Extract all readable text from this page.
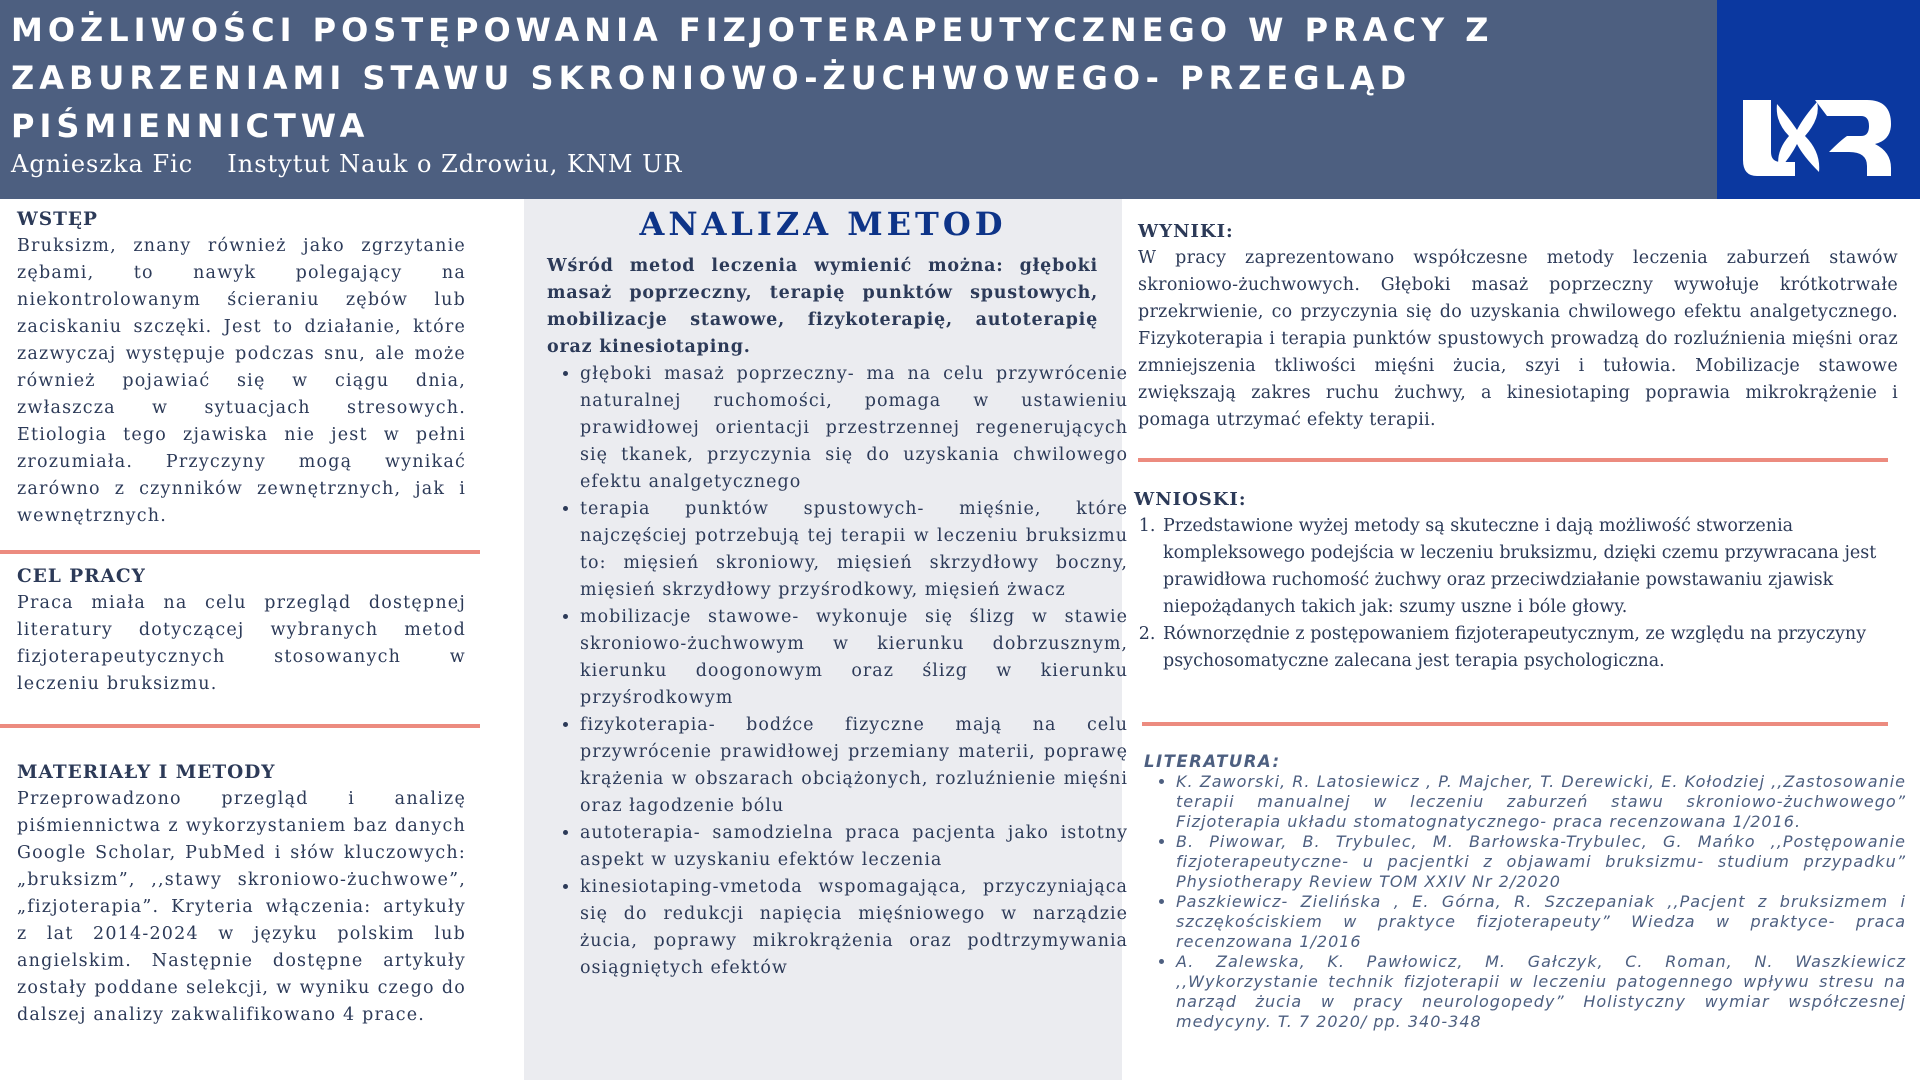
MOŻLIWOŚCI POSTĘPOWANIA FIZJOTERAPEUTYCZNEGO W PRACY Z ZABURZENIAMI STAWU SKRONIOWO-ŻUCHWOWEGO- PRZEGLĄD PIŚMIENNICTWA
Agnieszka Fic Instytut Nauk o Zdrowiu, KNM UR
WSTĘP

Bruksizm, znany również jako zgrzytanie zębami, to nawyk polegający na niekontrolowanym ścieraniu zębów lub zaciskaniu szczęki. Jest to działanie, które zazwyczaj występuje podczas snu, ale może również pojawiać się w ciągu dnia, zwłaszcza w sytuacjach stresowych. Etiologia tego zjawiska nie jest w pełni zrozumiała. Przyczyny mogą wynikać zarówno z czynników zewnętrznych, jak i wewnętrznych.

CEL PRACY

Praca miała na celu przegląd dostępnej literatury dotyczącej wybranych metod fizjoterapeutycznych stosowanych w leczeniu bruksizmu.

MATERIAŁY I METODY

Przeprowadzono przegląd i analizę piśmiennictwa z wykorzystaniem baz danych Google Scholar, PubMed i słów kluczowych: „bruksizm”, ,,stawy skroniowo-żuchwowe”, „fizjoterapia”. Kryteria włączenia: artykuły z lat 2014-2024 w języku polskim lub angielskim. Następnie dostępne artykuły zostały poddane selekcji, w wyniku czego do dalszej analizy zakwalifikowano 4 prace.

ANALIZA METOD

Wśród metod leczenia wymienić można: głęboki masaż poprzeczny, terapię punktów spustowych, mobilizacje stawowe, fizykoterapię, autoterapię oraz kinesiotaping.

• głęboki masaż poprzeczny- ma na celu przywrócenie naturalnej ruchomości, pomaga w ustawieniu prawidłowej orientacji przestrzennej regenerujących się tkanek, przyczynia się do uzyskania chwilowego efektu analgetycznego
• terapia punktów spustowych- mięśnie, które najczęściej potrzebują tej terapii w leczeniu bruksizmu to: mięsień skroniowy, mięsień skrzydłowy boczny, mięsień skrzydłowy przyśrodkowy, mięsień żwacz
• mobilizacje stawowe- wykonuje się ślizg w stawie skroniowo-żuchwowym w kierunku dobrzusznym, kierunku doogonowym oraz ślizg w kierunku przyśrodkowym
• fizykoterapia- bodźce fizyczne mają na celu przywrócenie prawidłowej przemiany materii, poprawę krążenia w obszarach obciążonych, rozluźnienie mięśni oraz łagodzenie bólu
• autoterapia- samodzielna praca pacjenta jako istotny aspekt w uzyskaniu efektów leczenia
• kinesiotaping-vmetoda wspomagająca, przyczyniająca się do redukcji napięcia mięśniowego w narządzie żucia, poprawy mikrokrążenia oraz podtrzymywania osiągniętych efektów
WYNIKI:

W pracy zaprezentowano współczesne metody leczenia zaburzeń stawów skroniowo-żuchwowych. Głęboki masaż poprzeczny wywołuje krótkotrwałe przekrwienie, co przyczynia się do uzyskania chwilowego efektu analgetycznego. Fizykoterapia i terapia punktów spustowych prowadzą do rozluźnienia mięśni oraz zmniejszenia tkliwości mięśni żucia, szyi i tułowia. Mobilizacje stawowe zwiększają zakres ruchu żuchwy, a kinesiotaping poprawia mikrokrążenie i pomaga utrzymać efekty terapii.

WNIOSKI:
1. Przedstawione wyżej metody są skuteczne i dają możliwość stworzenia kompleksowego podejścia w leczeniu bruksizmu, dzięki czemu przywracana jest prawidłowa ruchomość żuchwy oraz przeciwdziałanie powstawaniu zjawisk niepożądanych takich jak: szumy uszne i bóle głowy.
2. Równorzędnie z postępowaniem fizjoterapeutycznym, ze względu na przyczyny psychosomatyczne zalecana jest terapia psychologiczna.
LITERATURA:
• K. Zaworski, R. Latosiewicz , P. Majcher, T. Derewicki, E. Kołodziej ,,Zastosowanie terapii manualnej w leczeniu zaburzeń stawu skroniowo-żuchwowego” Fizjoterapia układu stomatognatycznego- praca recenzowana 1/2016.
• B. Piwowar, B. Trybulec, M. Barłowska-Trybulec, G. Mańko ,,Postępowanie fizjoterapeutyczne- u pacjentki z objawami bruksizmu- studium przypadku” Physiotherapy Review TOM XXIV Nr 2/2020
• Paszkiewicz- Zielińska , E. Górna, R. Szczepaniak ,,Pacjent z bruksizmem i szczękościskiem w praktyce fizjoterapeuty” Wiedza w praktyce- praca recenzowana 1/2016
• A. Zalewska, K. Pawłowicz, M. Gałczyk, C. Roman, N. Waszkiewicz ,,Wykorzystanie technik fizjoterapii w leczeniu patogennego wpływu stresu na narząd żucia w pracy neurologopedy” Holistyczny wymiar współczesnej medycyny. T. 7 2020/ pp. 340-348
